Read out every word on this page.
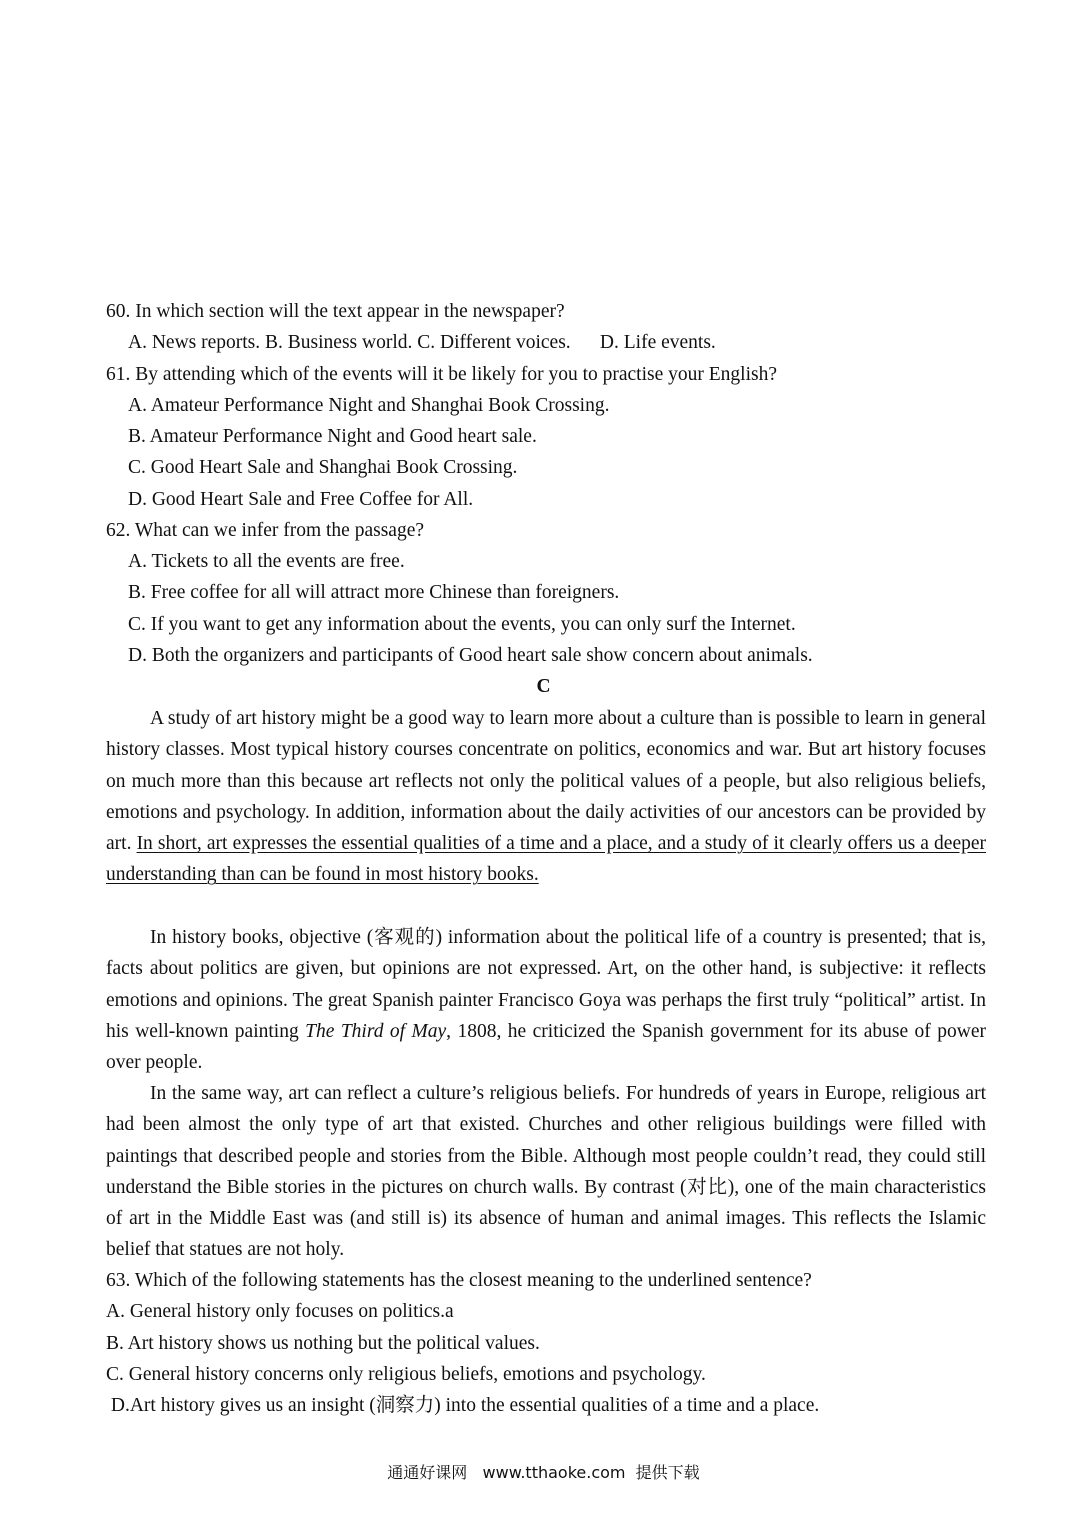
60. In which section will the text appear in the newspaper?
A. News reports. B. Business world. C. Different voices.      D. Life events.
61. By attending which of the events will it be likely for you to practise your English?
A. Amateur Performance Night and Shanghai Book Crossing.
B. Amateur Performance Night and Good heart sale.
C. Good Heart Sale and Shanghai Book Crossing.
D. Good Heart Sale and Free Coffee for All.
62. What can we infer from the passage?
A. Tickets to all the events are free.
B. Free coffee for all will attract more Chinese than foreigners.
C. If you want to get any information about the events, you can only surf the Internet.
D. Both the organizers and participants of Good heart sale show concern about animals.
C
A study of art history might be a good way to learn more about a culture than is possible to learn in general history classes. Most typical history courses concentrate on politics, economics and war. But art history focuses on much more than this because art reflects not only the political values of a people, but also religious beliefs, emotions and psychology. In addition, information about the daily activities of our ancestors can be provided by art. In short, art expresses the essential qualities of a time and a place, and a study of it clearly offers us a deeper understanding than can be found in most history books.
In history books, objective (客观的) information about the political life of a country is presented; that is, facts about politics are given, but opinions are not expressed. Art, on the other hand, is subjective: it reflects emotions and opinions. The great Spanish painter Francisco Goya was perhaps the first truly “political” artist. In his well-known painting The Third of May, 1808, he criticized the Spanish government for its abuse of power over people.
In the same way, art can reflect a culture’s religious beliefs. For hundreds of years in Europe, religious art had been almost the only type of art that existed. Churches and other religious buildings were filled with paintings that described people and stories from the Bible. Although most people couldn’t read, they could still understand the Bible stories in the pictures on church walls. By contrast (对比), one of the main characteristics of art in the Middle East was (and still is) its absence of human and animal images. This reflects the Islamic belief that statues are not holy.
63. Which of the following statements has the closest meaning to the underlined sentence?
A. General history only focuses on politics.a
B. Art history shows us nothing but the political values.
C. General history concerns only religious beliefs, emotions and psychology.
D.Art history gives us an insight (洞察力) into the essential qualities of a time and a place.
通通好课网   www.tthaoke.com  提供下载
